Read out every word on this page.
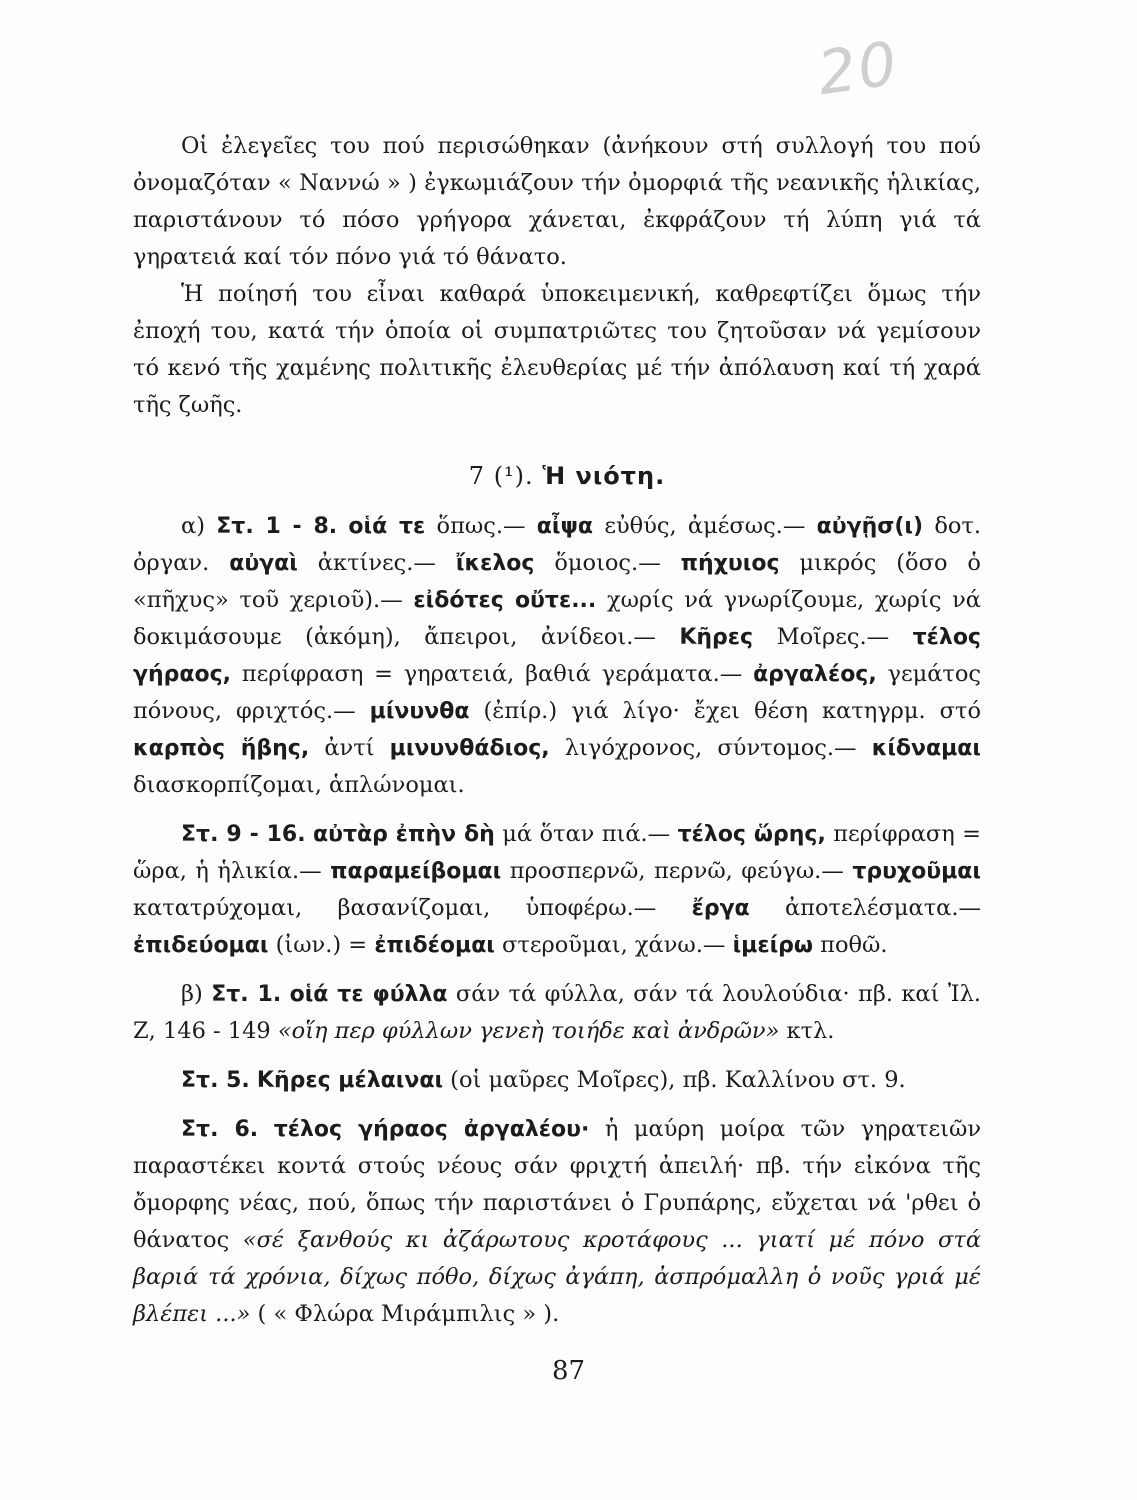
20

Οἱ ἐλεγεῖες του πού περισώθηκαν (ἀνήκουν στή συλλογή του πού ὀνομαζόταν « Ναννώ » ) ἐγκωμιάζουν τήν ὀμορφιά τῆς νεανικῆς ἡλικίας, παριστάνουν τό πόσο γρήγορα χάνεται, ἐκφράζουν τή λύπη γιά τά γηρατειά καί τόν πόνο γιά τό θάνατο.

Ἡ ποίησή του εἶναι καθαρά ὑποκειμενική, καθρεφτίζει ὅμως τήν ἐποχή του, κατά τήν ὁποία οἱ συμπατριῶτες του ζητοῦσαν νά γεμίσουν τό κενό τῆς χαμένης πολιτικῆς ἐλευθερίας μέ τήν ἀπόλαυση καί τή χαρά τῆς ζωῆς.

7 (¹). Ἡ νιότη.

α) Στ. 1 - 8. οἱά τε ὅπως.— αἶψα εὐθύς, ἀμέσως.— αὐγῇσ(ι) δοτ. ὀργαν. αὐγαὶ ἀκτίνες.— ἴκελος ὅμοιος.— πήχυιος μικρός (ὅσο ὁ «πῆχυς» τοῦ χεριοῦ).— εἰδότες οὔτε... χωρίς νά γνωρίζουμε, χωρίς νά δοκιμάσουμε (ἀκόμη), ἄπειροι, ἀνίδεοι.— Κῆρες Μοῖρες.— τέλος γήραος, περίφραση = γηρατειά, βαθιά γεράματα.— ἀργαλέος, γεμάτος πόνους, φριχτός.— μίνυνθα (ἐπίρ.) γιά λίγο· ἔχει θέση κατηγρμ. στό καρπὸς ἥβης, ἀντί μινυνθάδιος, λιγόχρονος, σύντομος.— κίδναμαι διασκορπίζομαι, ἁπλώνομαι.

Στ. 9 - 16. αὐτὰρ ἐπὴν δὴ μά ὅταν πιά.— τέλος ὥρης, περίφραση = ὥρα, ἡ ἡλικία.— παραμείβομαι προσπερνῶ, περνῶ, φεύγω.— τρυχοῦμαι κατατρύχομαι, βασανίζομαι, ὑποφέρω.— ἔργα ἀποτελέσματα.— ἐπιδεύομαι (ἰων.) = ἐπιδέομαι στεροῦμαι, χάνω.— ἱμείρω ποθῶ.

β) Στ. 1. οἱά τε φύλλα σάν τά φύλλα, σάν τά λουλούδια· πβ. καί Ἰλ. Ζ, 146 - 149 «οἵη περ φύλλων γενεὴ τοιήδε καὶ ἀνδρῶν» κτλ.

Στ. 5. Κῆρες μέλαιναι (οἱ μαῦρες Μοῖρες), πβ. Καλλίνου στ. 9.

Στ. 6. τέλος γήραος ἀργαλέου· ἡ μαύρη μοίρα τῶν γηρατειῶν παραστέκει κοντά στούς νέους σάν φριχτή ἀπειλή· πβ. τήν εἰκόνα τῆς ὄμορφης νέας, πού, ὅπως τήν παριστάνει ὁ Γρυπάρης, εὔχεται νά 'ρθει ὁ θάνατος «σέ ξανθούς κι ἀζάρωτους κροτάφους ... γιατί μέ πόνο στά βαριά τά χρόνια, δίχως πόθο, δίχως ἀγάπη, ἀσπρόμαλλη ὁ νοῦς γριά μέ βλέπει ...» ( « Φλώρα Μιράμπιλις » ).

87
